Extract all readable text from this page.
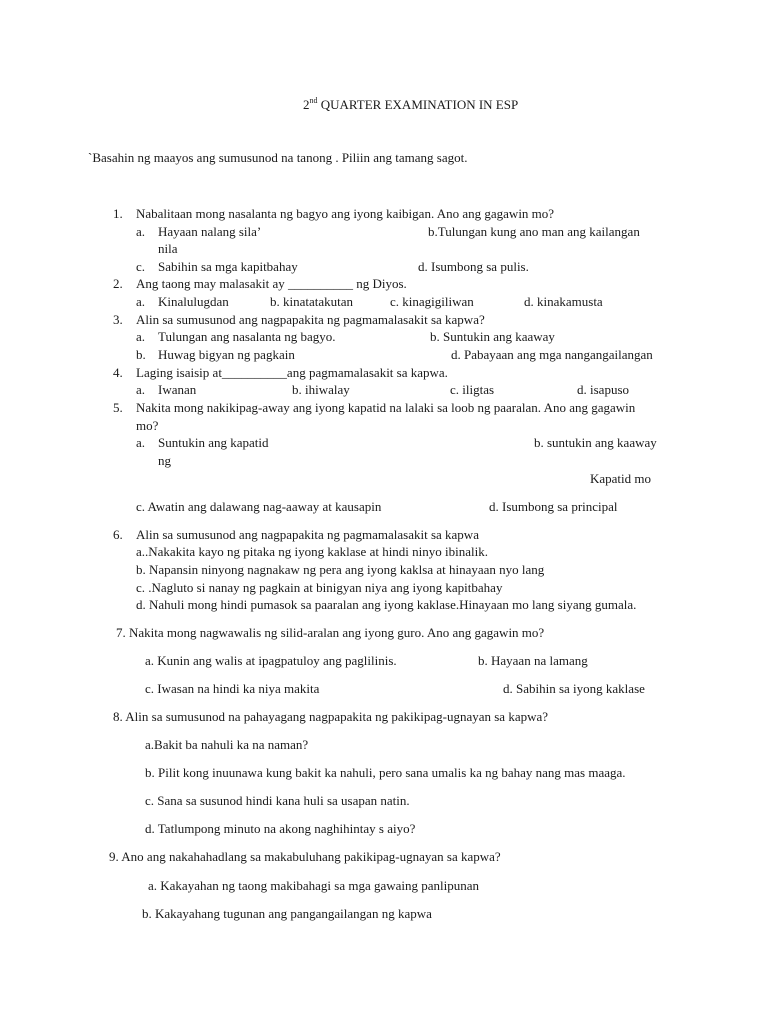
2nd QUARTER EXAMINATION IN ESP
`Basahin ng maayos ang sumusunod na tanong . Piliin ang tamang sagot.
1. Nabalitaan mong nasalanta ng bagyo ang iyong kaibigan. Ano ang gagawin mo?
a. Hayaan nalang sila’	b.Tulungan kung ano man ang kailangan
nila
c. Sabihin sa mga kapitbahay	d. Isumbong sa pulis.
2. Ang taong may malasakit ay __________ ng Diyos.
a. Kinalulugdan	b. kinatatakutan	c. kinagigiliwan	d. kinakamusta
3. Alin sa sumusunod ang nagpapakita ng pagmamalasakit sa kapwa?
a. Tulungan ang nasalanta ng bagyo.	b. Suntukin ang kaaway
b. Huwag bigyan ng pagkain	d. Pabayaan ang mga nangangailangan
4. Laging isaisip at__________ang pagmamalasakit sa kapwa.
a. Iwanan	b. ihiwalay	c. iligtas	d. isapuso
5. Nakita mong nakikipag-away ang iyong kapatid na lalaki sa loob ng paaralan. Ano ang gagawin
mo?
a. Suntukin ang kapatid	b. suntukin ang kaaway
ng
Kapatid mo
c. Awatin ang dalawang nag-aaway at kausapin	d. Isumbong sa principal
6. Alin sa sumusunod ang nagpapakita ng pagmamalasakit sa kapwa
a..Nakakita kayo ng pitaka ng iyong kaklase at hindi ninyo ibinalik.
b. Napansin ninyong nagnakaw ng pera ang iyong kaklsa at hinayaan nyo lang
c. .Nagluto si nanay ng pagkain at binigyan niya ang iyong kapitbahay
d. Nahuli mong hindi pumasok sa paaralan ang iyong kaklase.Hinayaan mo lang siyang gumala.
7. Nakita mong nagwawalis ng silid-aralan ang iyong guro. Ano ang gagawin mo?
a. Kunin ang walis at ipagpatuloy ang paglilinis.	b. Hayaan na lamang
c. Iwasan na hindi ka niya makita	d. Sabihin sa iyong kaklase
8. Alin sa sumusunod na pahayagang nagpapakita ng pakikipag-ugnayan sa kapwa?
a.Bakit ba nahuli ka na naman?
b. Pilit kong inuunawa kung bakit ka nahuli, pero sana umalis ka ng bahay nang mas maaga.
c. Sana sa susunod hindi kana huli sa usapan natin.
d. Tatlumpong minuto na akong naghihintay s aiyo?
9. Ano ang nakahahadlang sa makabuluhang pakikipag-ugnayan sa kapwa?
a. Kakayahan ng taong makibahagi sa mga gawaing panlipunan
b. Kakayahang tugunan ang pangangailangan ng kapwa
